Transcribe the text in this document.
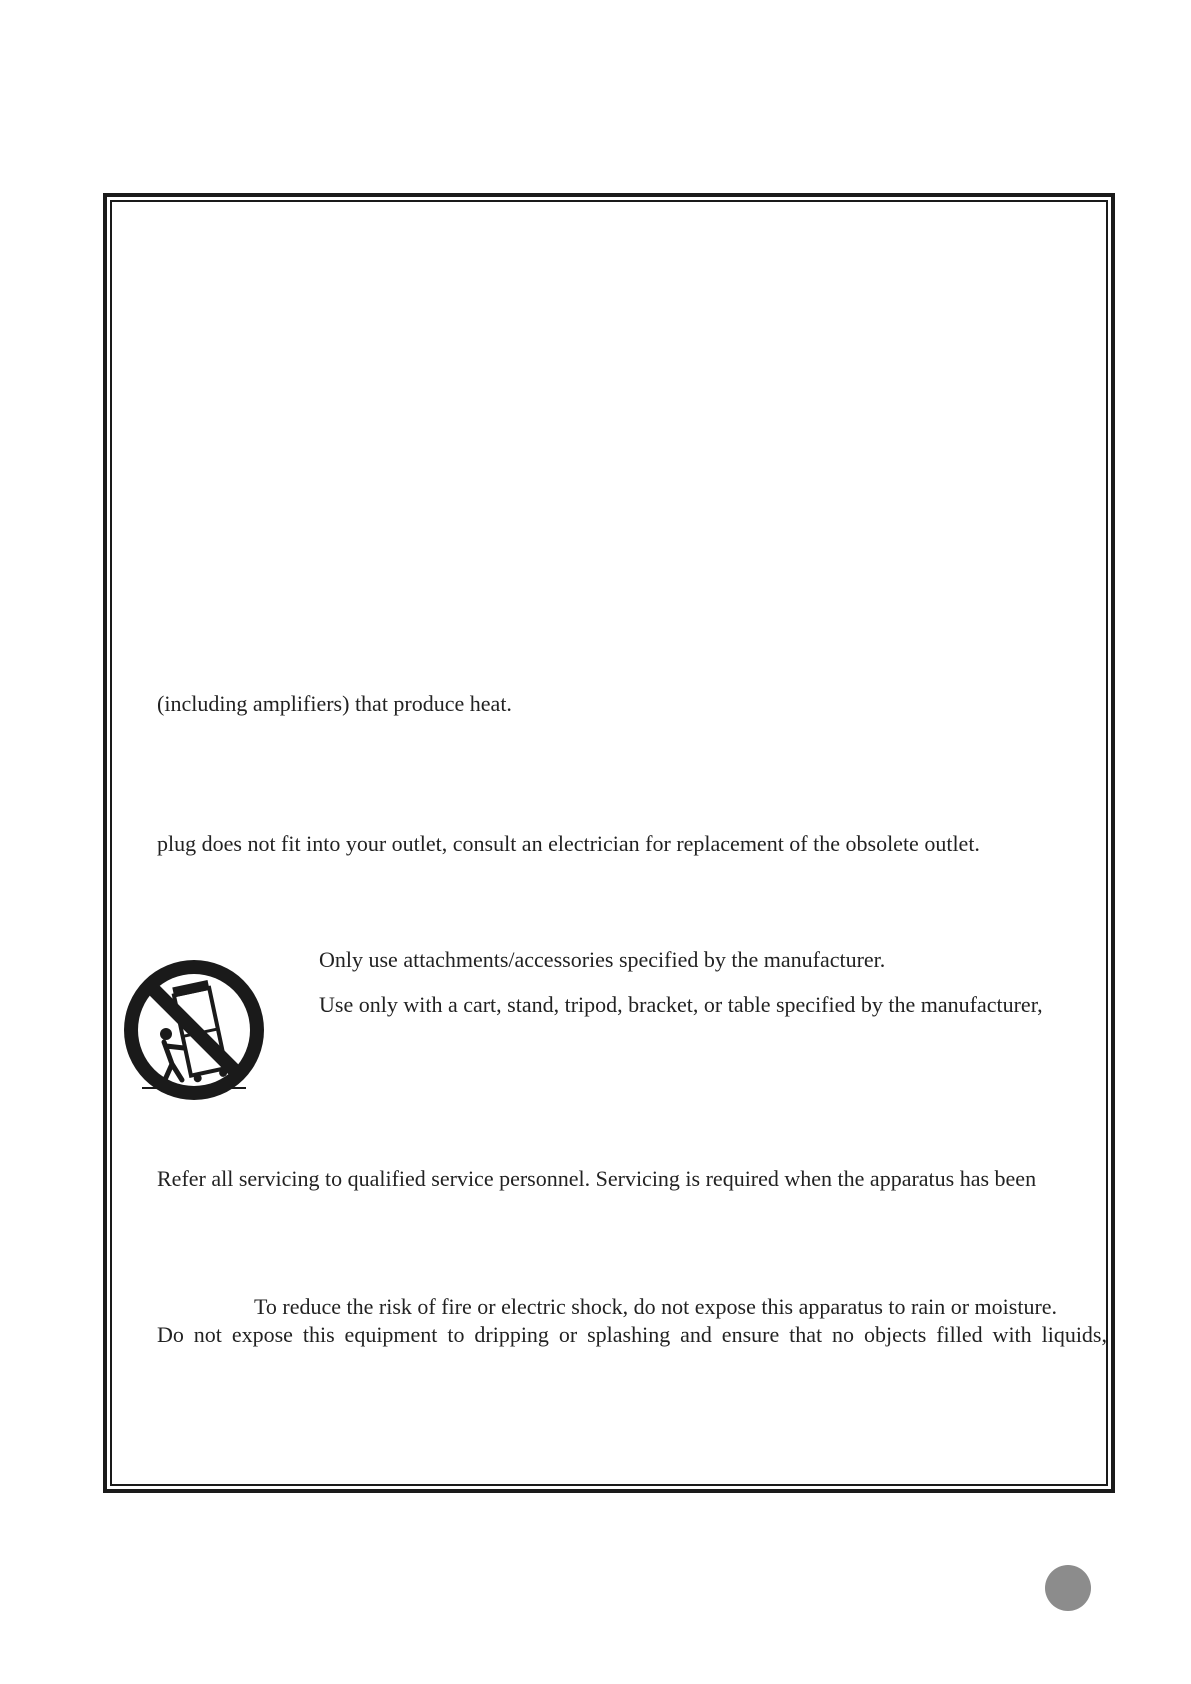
(including amplifiers) that produce heat.
plug does not fit into your outlet, consult an electrician for replacement of the obsolete outlet.
Only use attachments/accessories specified by the manufacturer.
Use only with a cart, stand, tripod, bracket, or table specified by the manufacturer,
Refer all servicing to qualified service personnel. Servicing is required when the apparatus has been
To reduce the risk of fire or electric shock, do not expose this apparatus to rain or moisture.
Do not expose this equipment to dripping or splashing and ensure that no objects filled with liquids,
